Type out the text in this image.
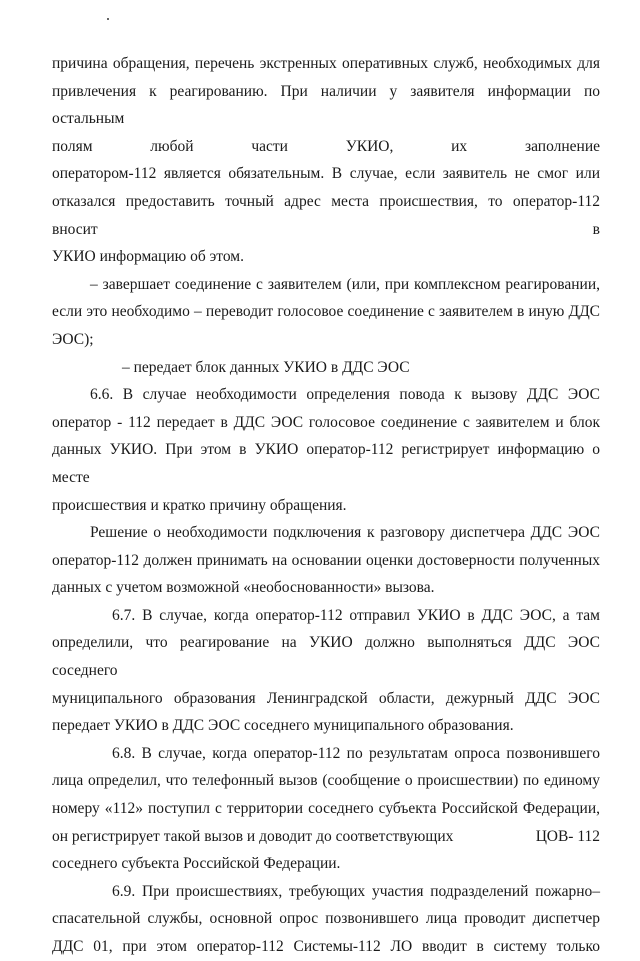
причина обращения, перечень экстренных оперативных служб, необходимых для
привлечения к реагированию. При наличии у заявителя информации по остальным
полям любой части УКИО, их заполнение
оператором-112 является обязательным. В случае, если заявитель не смог или
отказался предоставить точный адрес места происшествия, то оператор-112 вносит в
УКИО информацию об этом.

– завершает соединение с заявителем (или, при комплексном реагировании,
если это необходимо – переводит голосовое соединение с заявителем в иную ДДС
ЭОС);

– передает блок данных УКИО в ДДС ЭОС

6.6. В случае необходимости определения повода к вызову ДДС ЭОС
оператор - 112 передает в ДДС ЭОС голосовое соединение с заявителем и блок
данных УКИО. При этом в УКИО оператор-112 регистрирует информацию о месте
происшествия и кратко причину обращения.

Решение о необходимости подключения к разговору диспетчера ДДС ЭОС
оператор-112 должен принимать на основании оценки достоверности полученных
данных с учетом возможной «необоснованности» вызова.

6.7. В случае, когда оператор-112 отправил УКИО в ДДС ЭОС, а там
определили, что реагирование на УКИО должно выполняться ДДС ЭОС соседнего
муниципального образования Ленинградской области, дежурный ДДС ЭОС
передает УКИО в ДДС ЭОС соседнего муниципального образования.

6.8. В случае, когда оператор-112 по результатам опроса позвонившего
лица определил, что телефонный вызов (сообщение о происшествии) по единому
номеру «112» поступил с территории соседнего субъекта Российской Федерации,
он регистрирует такой вызов и доводит до соответствующих	ЦОВ- 112
соседнего субъекта Российской Федерации.

6.9. При происшествиях, требующих участия подразделений пожарно–
спасательной службы, основной опрос позвонившего лица проводит диспетчер
ДДС 01, при этом оператор-112 Системы-112 ЛО вводит в систему только
